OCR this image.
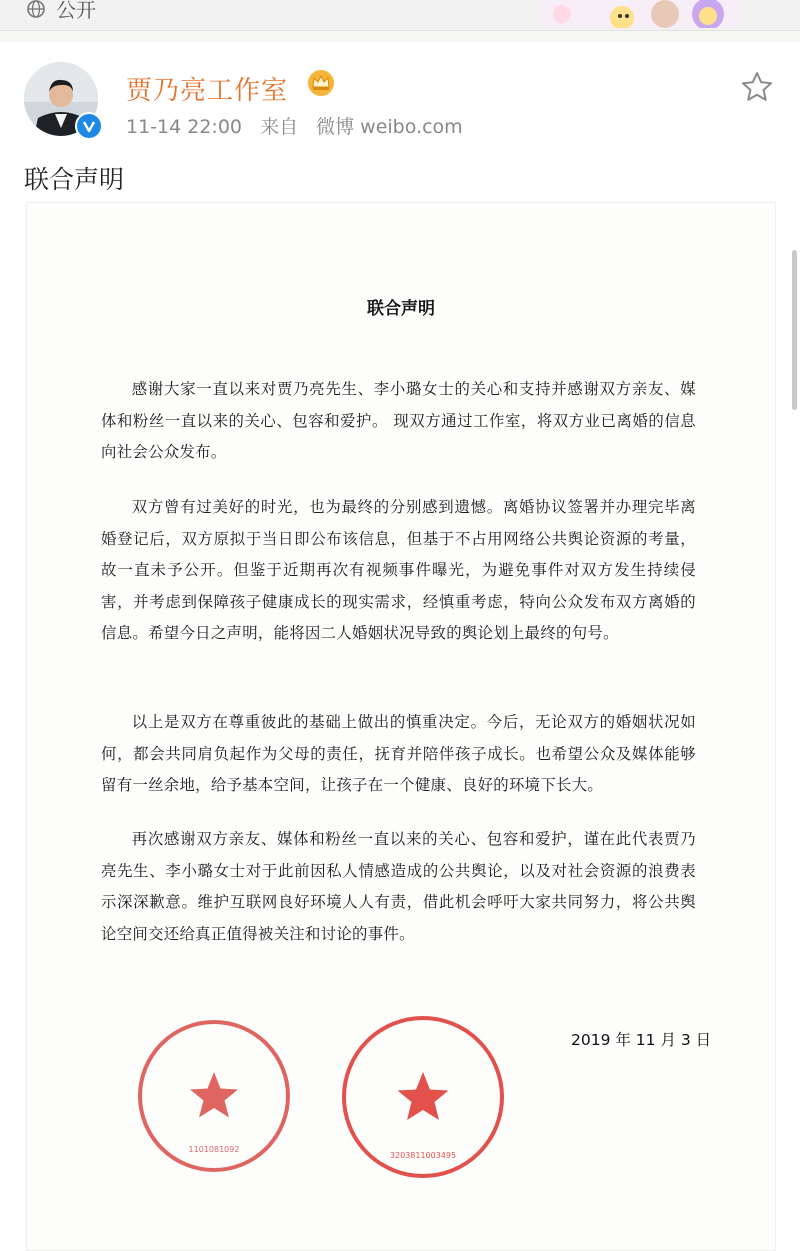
公开
贾乃亮工作室
11-14 22:00 来自 微博 weibo.com
联合声明
联合声明
感谢大家一直以来对贾乃亮先生、李小璐女士的关心和支持并感谢双方亲友、媒体和粉丝一直以来的关心、包容和爱护。 现双方通过工作室，将双方业已离婚的信息向社会公众发布。
双方曾有过美好的时光，也为最终的分别感到遗憾。离婚协议签署并办理完毕离婚登记后，双方原拟于当日即公布该信息，但基于不占用网络公共舆论资源的考量，故一直未予公开。但鉴于近期再次有视频事件曝光，为避免事件对双方发生持续侵害，并考虑到保障孩子健康成长的现实需求，经慎重考虑，特向公众发布双方离婚的信息。希望今日之声明，能将因二人婚姻状况导致的舆论划上最终的句号。
以上是双方在尊重彼此的基础上做出的慎重决定。今后，无论双方的婚姻状况如何，都会共同肩负起作为父母的责任，抚育并陪伴孩子成长。也希望公众及媒体能够留有一丝余地，给予基本空间，让孩子在一个健康、良好的环境下长大。
再次感谢双方亲友、媒体和粉丝一直以来的关心、包容和爱护，谨在此代表贾乃亮先生、李小璐女士对于此前因私人情感造成的公共舆论，以及对社会资源的浪费表示深深歉意。维护互联网良好环境人人有责，借此机会呼吁大家共同努力，将公共舆论空间交还给真正值得被关注和讨论的事件。
2019 年 11 月 3 日
1101081092
3203811003495
